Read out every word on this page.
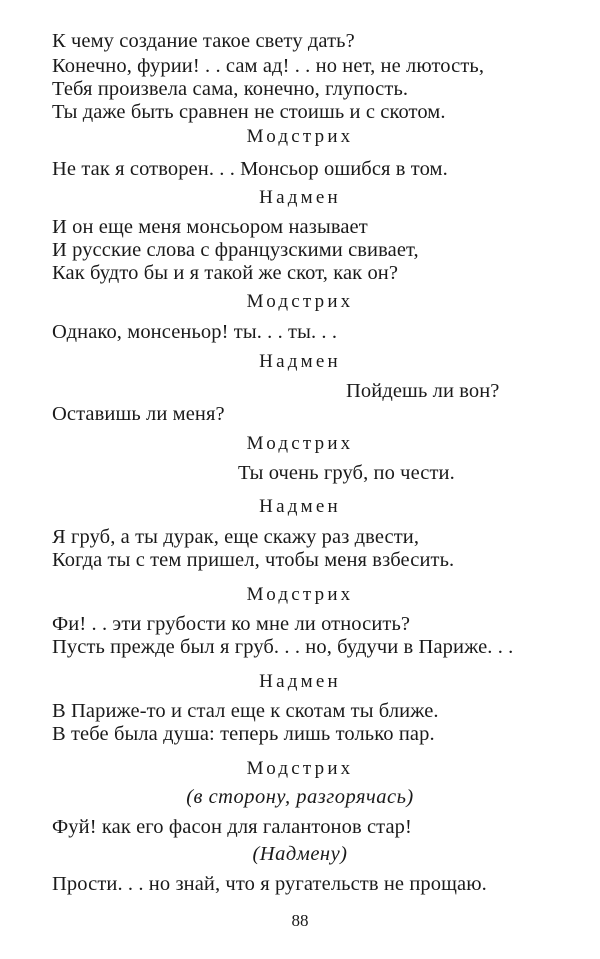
К чему создание такое свету дать?
Конечно, фурии! . . сам ад! . . но нет, не лютость,
Тебя произвела сама, конечно, глупость.
Ты даже быть сравнен не стоишь и с скотом.
Модстрих
Не так я сотворен. . . Монсьор ошибся в том.
Надмен
И он еще меня монсьором называет
И русские слова с французскими свивает,
Как будто бы и я такой же скот, как он?
Модстрих
Однако, монсеньор! ты. . . ты. . .
Надмен
Пойдешь ли вон?
Оставишь ли меня?
Модстрих
Ты очень груб, по чести.
Надмен
Я груб, а ты дурак, еще скажу раз двести,
Когда ты с тем пришел, чтобы меня взбесить.
Модстрих
Фи! . . эти грубости ко мне ли относить?
Пусть прежде был я груб. . . но, будучи в Париже. . .
Надмен
В Париже-то и стал еще к скотам ты ближе.
В тебе была душа: теперь лишь только пар.
Модстрих
(в сторону, разгорячась)
Фуй! как его фасон для галантонов стар!
(Надмену)
Прости. . . но знай, что я ругательств не прощаю.
88
